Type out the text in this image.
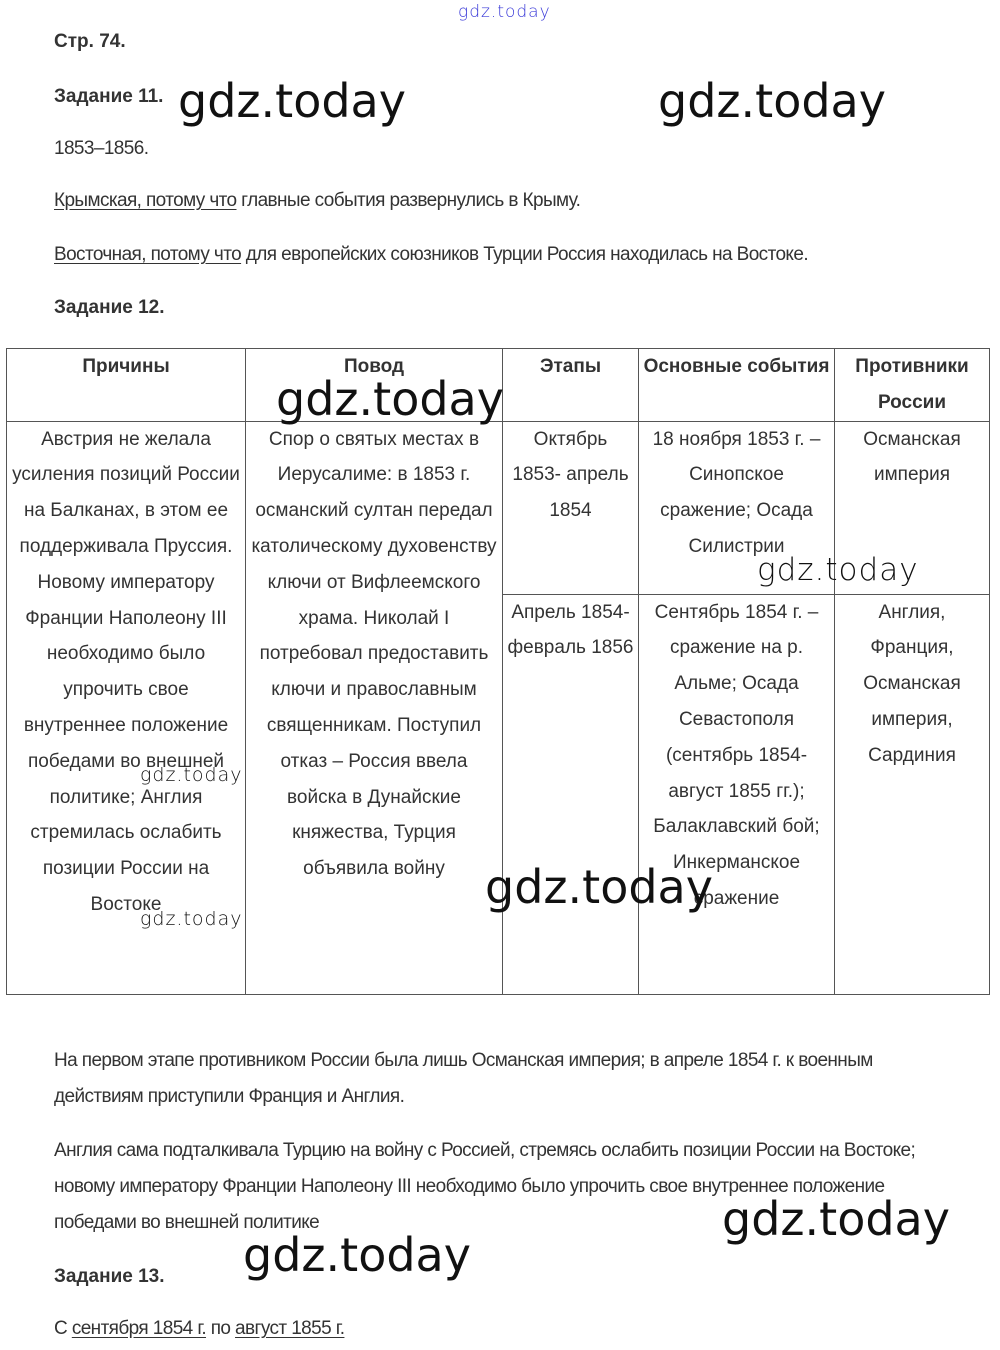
gdz.today
Стр. 74.
Задание 11. gdz.today	gdz.today
1853–1856.
Крымская, потому что главные события развернулись в Крыму.
Восточная, потому что для европейских союзников Турции Россия находилась на Востоке.
Задание 12.
Причины	Повод	Этапы	Основные события	Противники России
Австрия не желала усиления позиций России на Балканах, в этом ее поддерживала Пруссия. Новому императору Франции Наполеону III необходимо было упрочить свое внутреннее положение победами во внешней политике; Англия стремилась ослабить позиции России на Востоке	Спор о святых местах в Иерусалиме: в 1853 г. османский султан передал католическому духовенству ключи от Вифлеемского храма. Николай I потребовал предоставить ключи и православным священникам. Поступил отказ – Россия ввела войска в Дунайские княжества, Турция объявила войну	Октябрь 1853- апрель 1854	18 ноября 1853 г. – Синопское сражение; Осада Силистрии	Османская империя
		Апрель 1854- февраль 1856	Сентябрь 1854 г. – сражение на р. Альме; Осада Севастополя (сентябрь 1854- август 1855 гг.); Балаклавский бой; Инкерманское сражение	Англия, Франция, Османская империя, Сардиния
gdz.today
gdz.today
gdz.today
gdz.today
gdz.today
На первом этапе противником России была лишь Османская империя; в апреле 1854 г. к военным действиям приступили Франция и Англия.
Англия сама подталкивала Турцию на войну с Россией, стремясь ослабить позиции России на Востоке; новому императору Франции Наполеону III необходимо было упрочить свое внутреннее положение победами во внешней политике	gdz.today
Задание 13. gdz.today
С сентября 1854 г. по август 1855 г.
